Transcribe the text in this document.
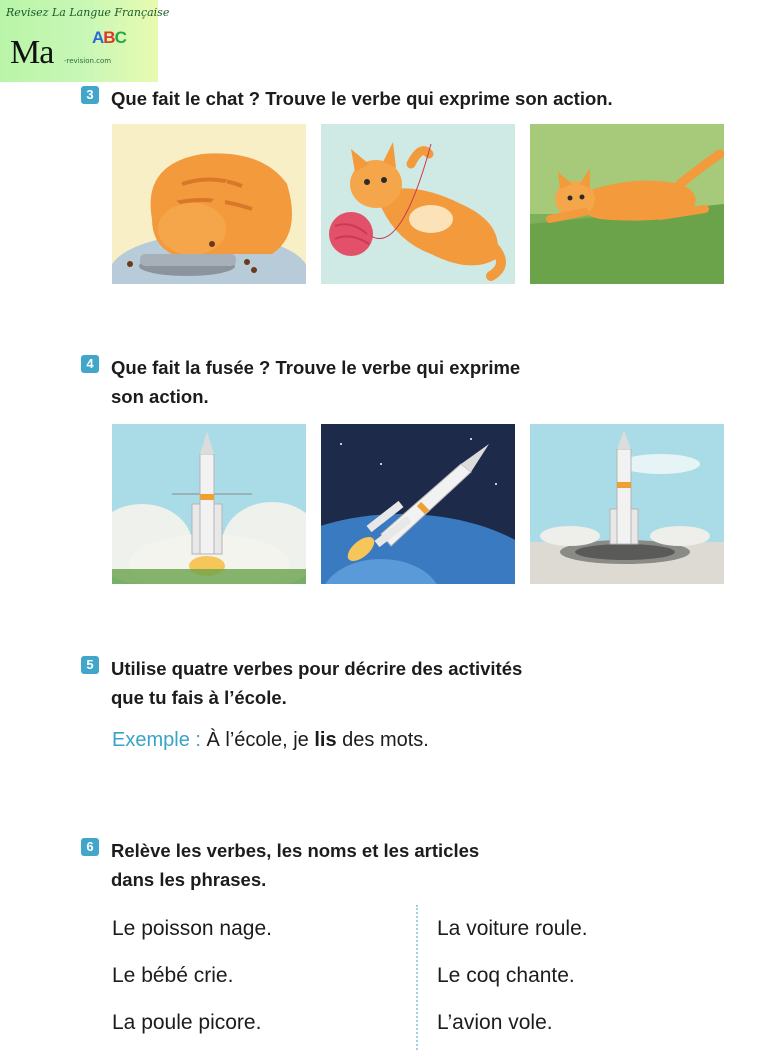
Revisez La Langue Française
Ma ABC
-revision.com
3 Que fait le chat ? Trouve le verbe qui exprime son action.
4 Que fait la fusée ? Trouve le verbe qui exprime
son action.
5 Utilise quatre verbes pour décrire des activités
que tu fais à l’école.
Exemple : À l’école, je lis des mots.
6 Relève les verbes, les noms et les articles
dans les phrases.
Le poisson nage.
Le bébé crie.
La poule picore.
La voiture roule.
Le coq chante.
L’avion vole.
